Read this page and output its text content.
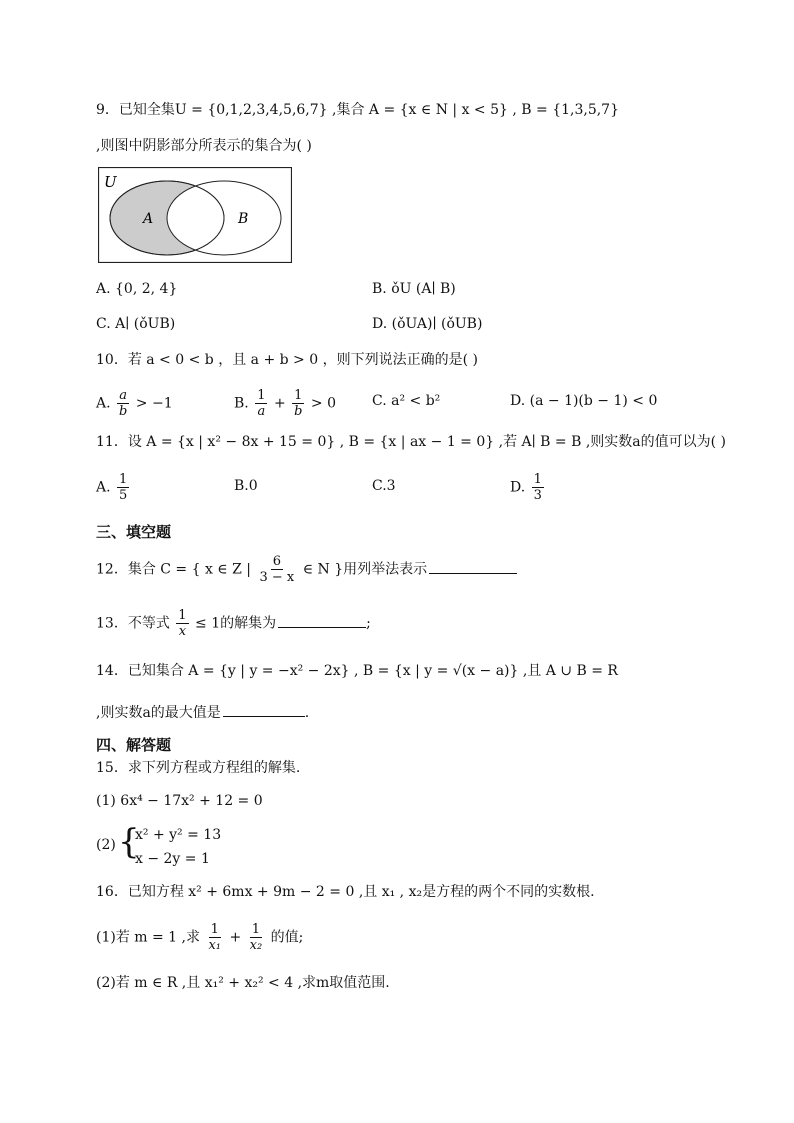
9．已知全集U = {0,1,2,3,4,5,6,7} ,集合 A = {x ∈ N | x < 5} , B = {1,3,5,7}
,则图中阴影部分所表示的集合为( )
U
A	B
A. {0, 2, 4}	B. ǒU (A∣ B)
C. A∣ (ǒUB)	D. (ǒUA)∣ (ǒUB)
10．若 a < 0 < b ，且 a + b > 0 ，则下列说法正确的是( )
A. $\frac{a}{b} > -1$	B. $\frac{1}{a} + \frac{1}{b} > 0$	C. a² < b²	D. (a − 1)(b − 1) < 0
11．设 A = {x | x² − 8x + 15 = 0} , B = {x | ax − 1 = 0} ,若 A∣ B = B ,则实数a的值可以为( )
A. $\frac{1}{5}$	B.0	C.3	D. $\frac{1}{3}$
三、填空题
12．集合 C = { x ∈ Z | $\frac{6}{3 - x}$ ∈ N }用列举法表示
13．不等式 $\frac{1}{x} \le 1$的解集为	;
14．已知集合 A = {y | y = −x² − 2x} , B = {x | y = √(x − a)} ,且 A ∪ B = R
,则实数a的最大值是	.
四、解答题
15．求下列方程或方程组的解集.
(1) 6x⁴ − 17x² + 12 = 0
(2) {
x² + y² = 13
x − 2y = 1
16．已知方程 x² + 6mx + 9m − 2 = 0 ,且 x₁ , x₂是方程的两个不同的实数根.
(1)若 m = 1 ,求 $\frac{1}{\text{x₁}} + \frac{1}{\text{x₂}}$ 的值;
(2)若 m ∈ R ,且 x₁² + x₂² < 4 ,求m取值范围.
